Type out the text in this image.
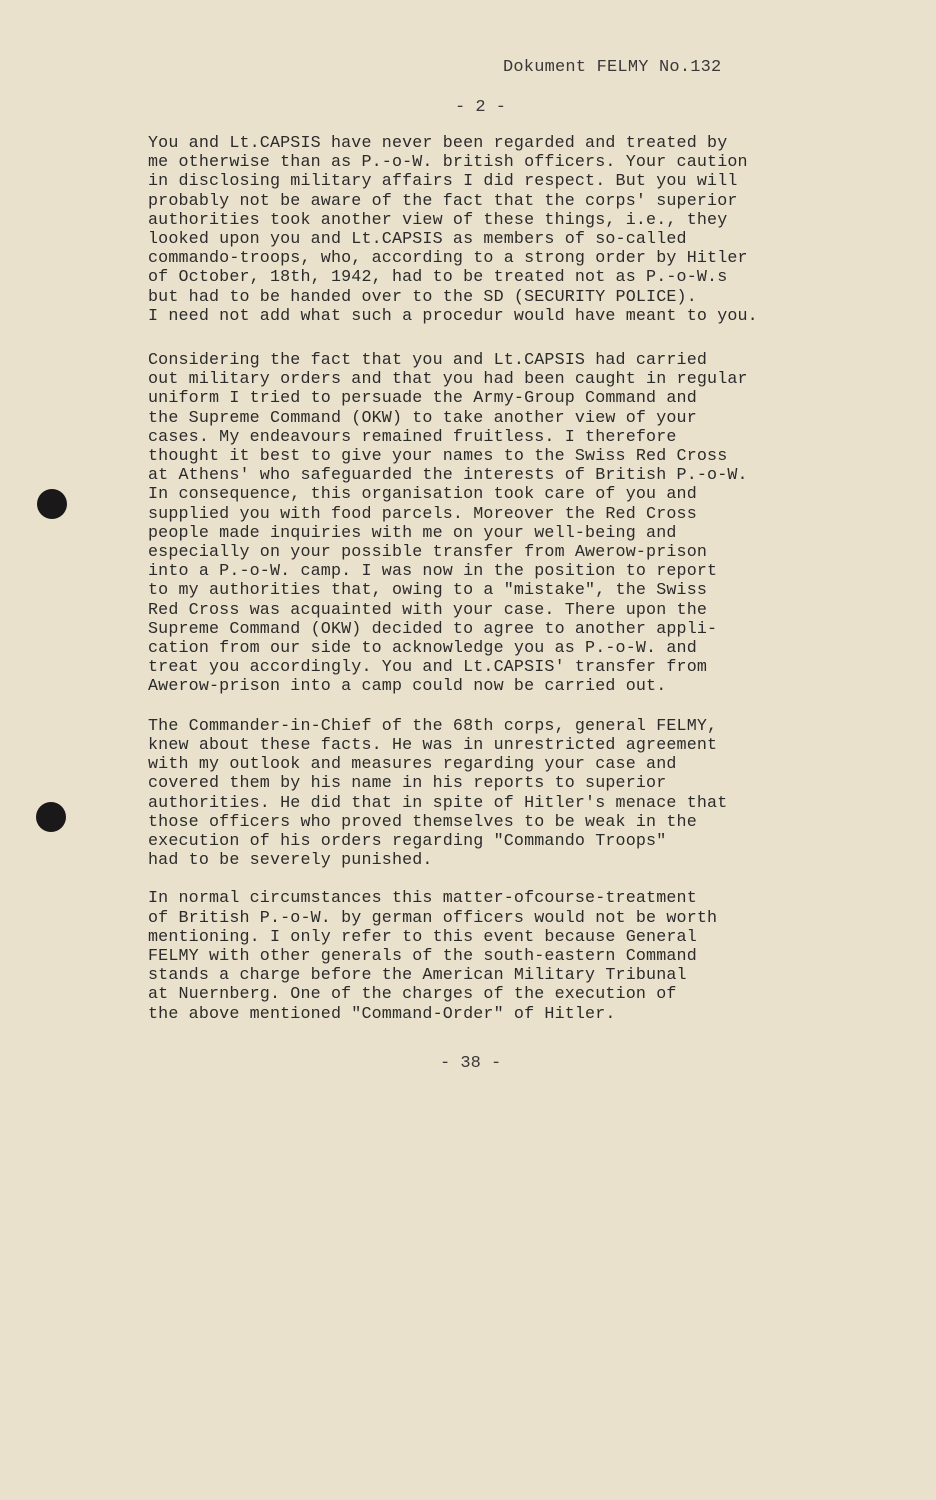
Dokument FELMY No.132
- 2 -

You and Lt.CAPSIS have never been regarded and treated by
me otherwise than as P.-o-W. british officers. Your caution
in disclosing military affairs I did respect. But you will
probably not be aware of the fact that the corps' superior
authorities took another view of these things, i.e., they
looked upon you and Lt.CAPSIS as members of so-called
commando-troops, who, according to a strong order by Hitler
of October, 18th, 1942, had to be treated not as P.-o-W.s
but had to be handed over to the SD (SECURITY POLICE).
I need not add what such a procedur would have meant to you.

Considering the fact that you and Lt.CAPSIS had carried
out military orders and that you had been caught in regular
uniform I tried to persuade the Army-Group Command and
the Supreme Command (OKW) to take another view of your
cases. My endeavours remained fruitless. I therefore
thought it best to give your names to the Swiss Red Cross
at Athens' who safeguarded the interests of British P.-o-W.
In consequence, this organisation took care of you and
supplied you with food parcels. Moreover the Red Cross
people made inquiries with me on your well-being and
especially on your possible transfer from Awerow-prison
into a P.-o-W. camp. I was now in the position to report
to my authorities that, owing to a "mistake", the Swiss
Red Cross was acquainted with your case. There upon the
Supreme Command (OKW) decided to agree to another appli-
cation from our side to acknowledge you as P.-o-W. and
treat you accordingly. You and Lt.CAPSIS' transfer from
Awerow-prison into a camp could now be carried out.

The Commander-in-Chief of the 68th corps, general FELMY,
knew about these facts. He was in unrestricted agreement
with my outlook and measures regarding your case and
covered them by his name in his reports to superior
authorities. He did that in spite of Hitler's menace that
those officers who proved themselves to be weak in the
execution of his orders regarding "Commando Troops"
had to be severely punished.

In normal circumstances this matter-ofcourse-treatment
of British P.-o-W. by german officers would not be worth
mentioning. I only refer to this event because General
FELMY with other generals of the south-eastern Command
stands a charge before the American Military Tribunal
at Nuernberg. One of the charges of the execution of
the above mentioned "Command-Order" of Hitler.

- 38 -
